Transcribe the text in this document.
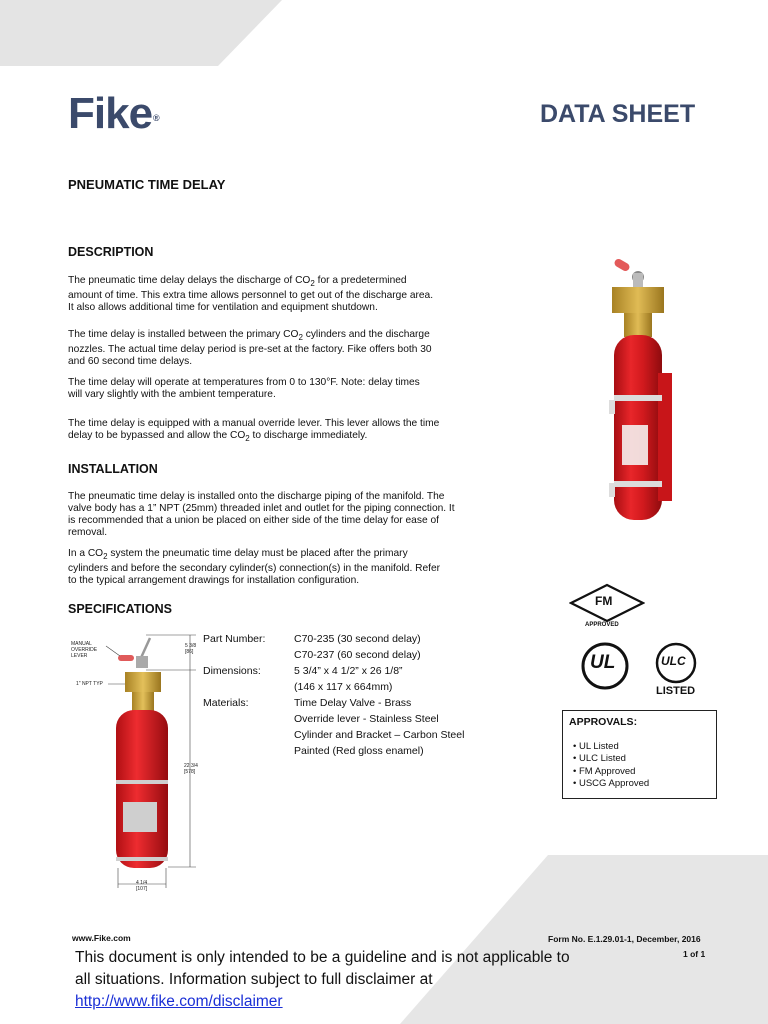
Fike®	DATA SHEET
PNEUMATIC TIME DELAY
DESCRIPTION
The pneumatic time delay delays the discharge of $CO_2$ for a predetermined
amount of time. This extra time allows personnel to get out of the discharge area.
It also allows additional time for ventilation and equipment shutdown.
The time delay is installed between the primary $CO_2$ cylinders and the discharge
nozzles. The actual time delay period is pre-set at the factory. Fike offers both 30
and 60 second time delays.
The time delay will operate at temperatures from 0 to 130°F. Note: delay times
will vary slightly with the ambient temperature.
The time delay is equipped with a manual override lever. This lever allows the time
delay to be bypassed and allow the $CO_2$ to discharge immediately.
INSTALLATION
The pneumatic time delay is installed onto the discharge piping of the manifold. The
valve body has a 1” NPT (25mm) threaded inlet and outlet for the piping connection. It
is recommended that a union be placed on either side of the time delay for ease of
removal.
In a $CO_2$ system the pneumatic time delay must be placed after the primary
cylinders and before the secondary cylinder(s) connection(s) in the manifold. Refer
to the typical arrangement drawings for installation configuration.
SPECIFICATIONS
Part Number:	C70-235 (30 second delay)
C70-237 (60 second delay)
Dimensions:	5 3/4” x 4 1/2” x 26 1/8”
(146 x 117 x 664mm)
Materials:	Time Delay Valve - Brass
Override lever - Stainless Steel
Cylinder and Bracket – Carbon Steel
Painted (Red gloss enamel)
MANUAL
OVERRIDE
LEVER
1" NPT TYP
5 3/8
[86]
22 3/4
[578]
4 1/4
[107]
FM
APPROVED
UL	ULC
LISTED
APPROVALS:
• UL Listed
• ULC Listed
• FM Approved
• USCG Approved
www.Fike.com	Form No. E.1.29.01-1, December, 2016
1 of 1
This document is only intended to be a guideline and is not applicable to
all situations. Information subject to full disclaimer at
http://www.fike.com/disclaimer
